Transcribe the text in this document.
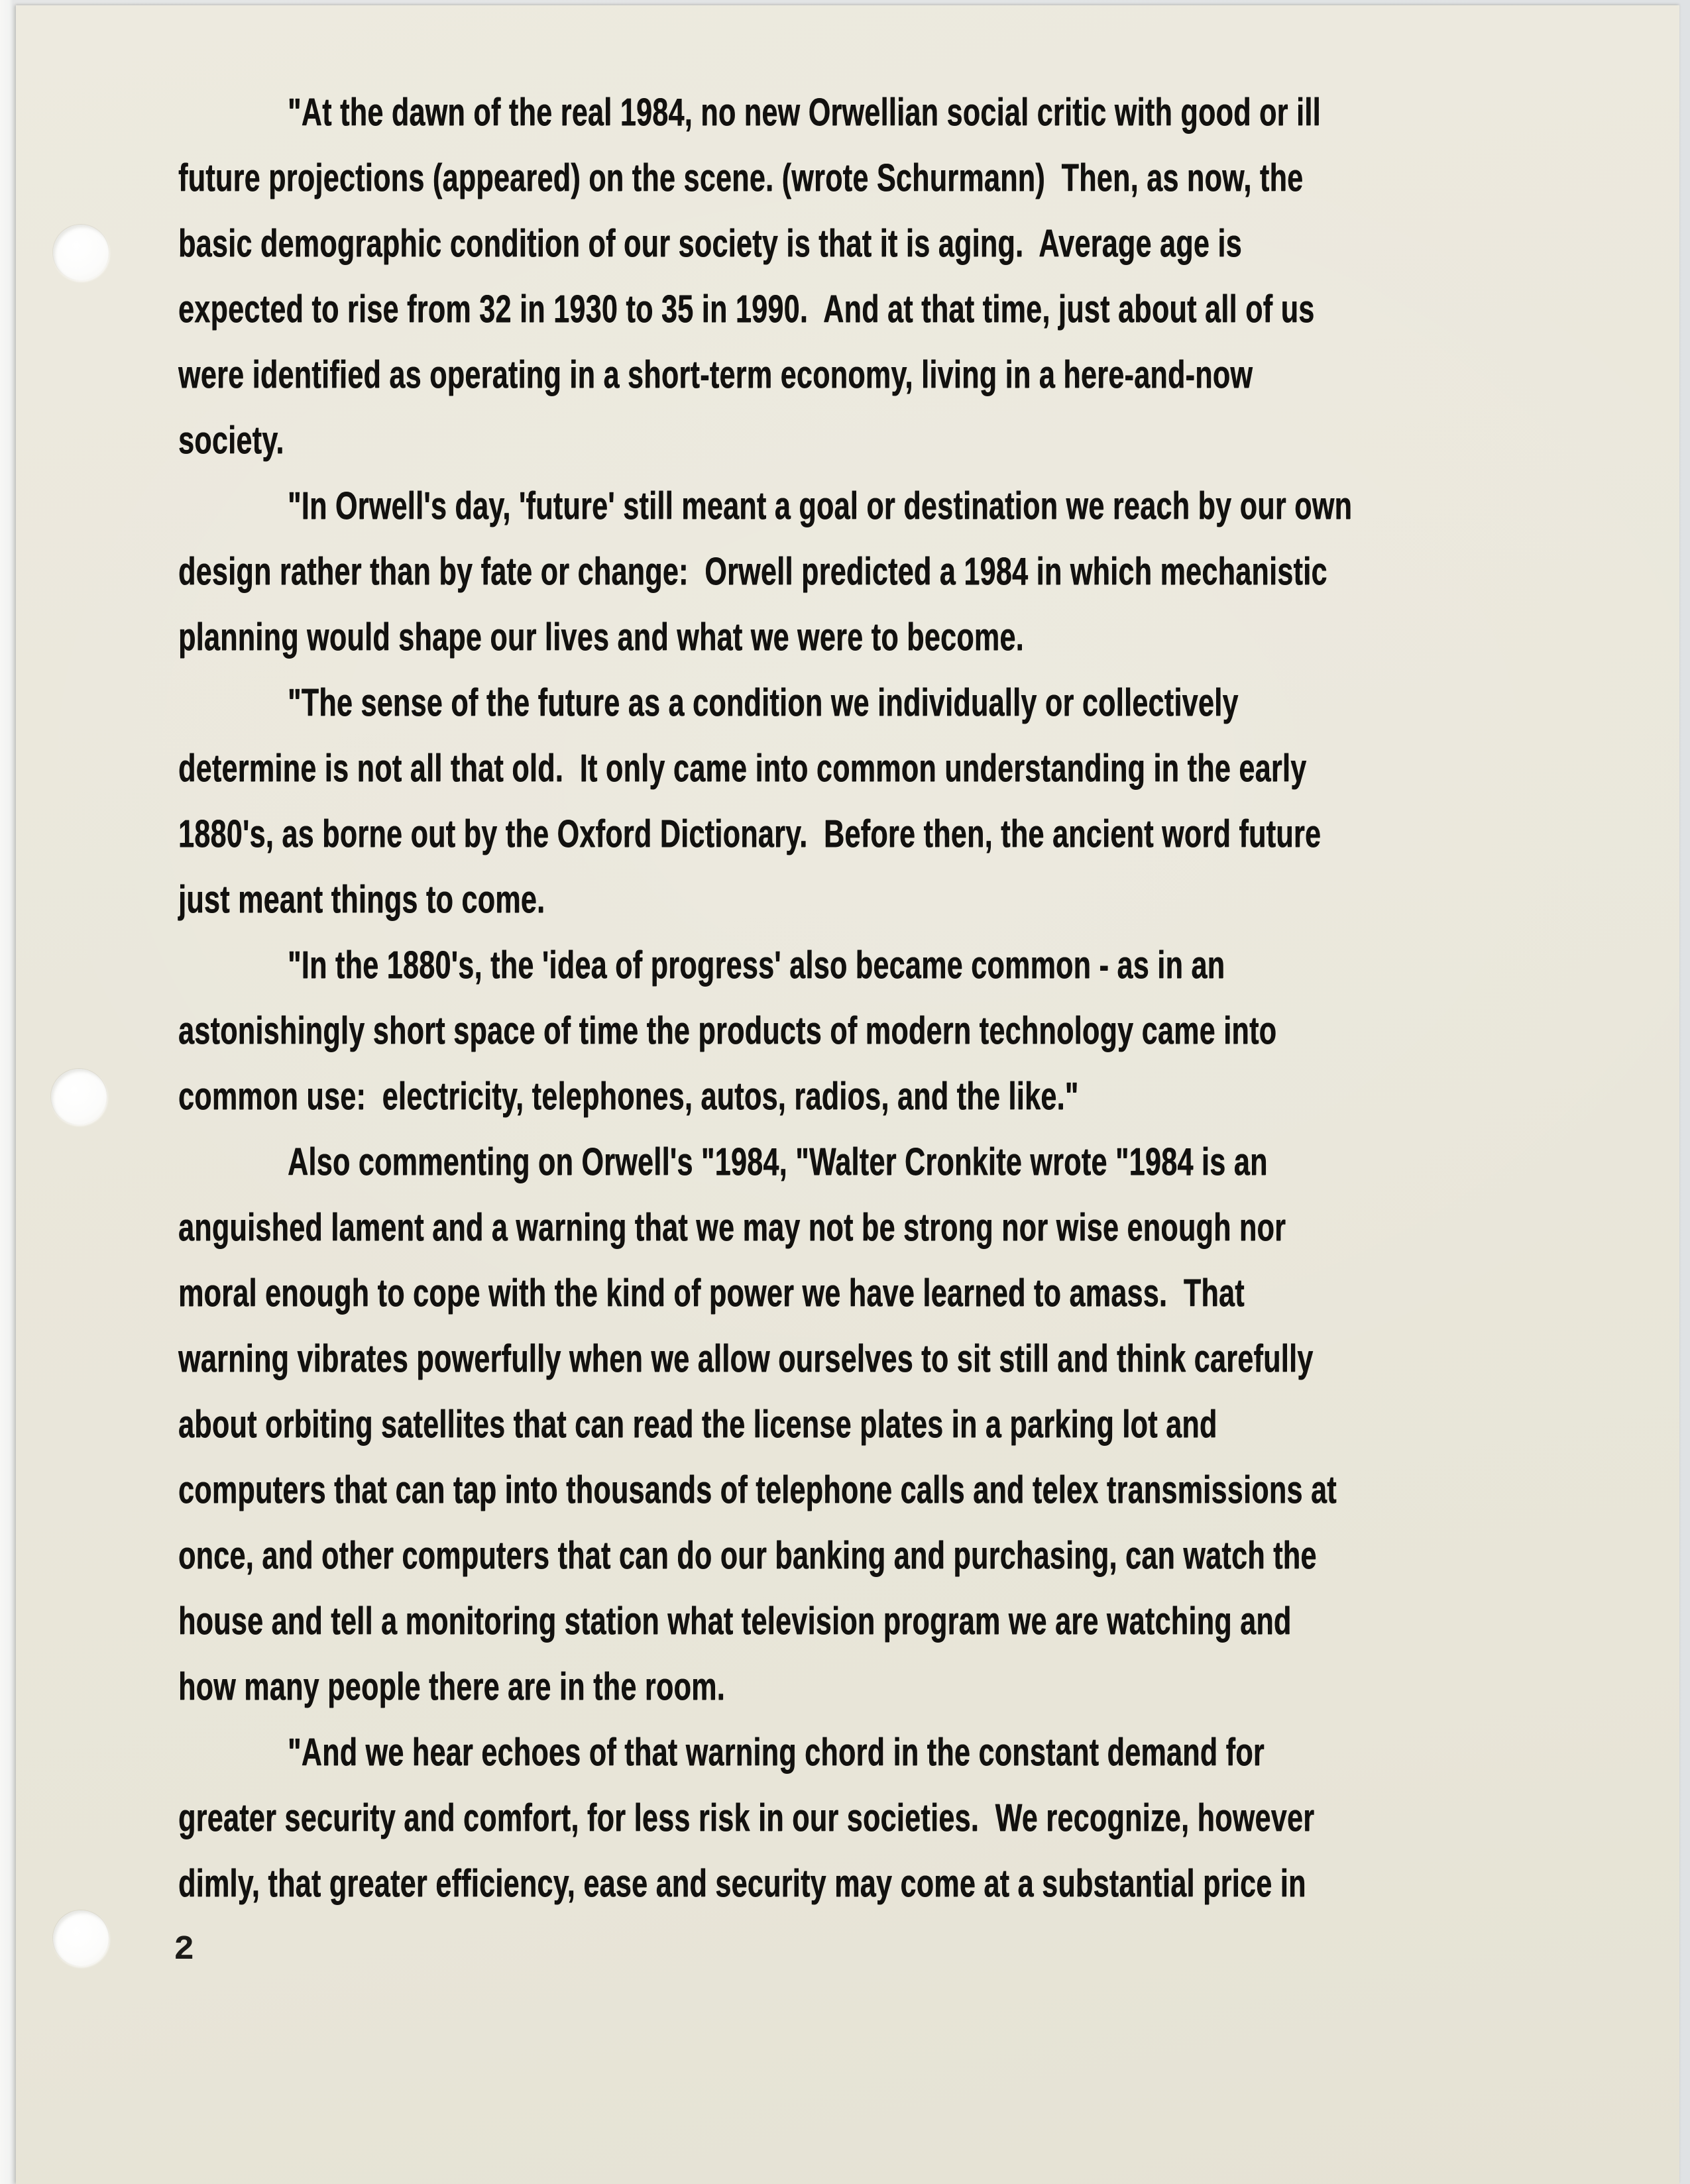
"At the dawn of the real 1984, no new Orwellian social critic with good or ill
future projections (appeared) on the scene. (wrote Schurmann)  Then, as now, the
basic demographic condition of our society is that it is aging.  Average age is
expected to rise from 32 in 1930 to 35 in 1990.  And at that time, just about all of us
were identified as operating in a short-term economy, living in a here-and-now
society.
"In Orwell's day, 'future' still meant a goal or destination we reach by our own
design rather than by fate or change:  Orwell predicted a 1984 in which mechanistic
planning would shape our lives and what we were to become.
"The sense of the future as a condition we individually or collectively
determine is not all that old.  It only came into common understanding in the early
1880's, as borne out by the Oxford Dictionary.  Before then, the ancient word future
just meant things to come.
"In the 1880's, the 'idea of progress' also became common - as in an
astonishingly short space of time the products of modern technology came into
common use:  electricity, telephones, autos, radios, and the like."
Also commenting on Orwell's "1984, "Walter Cronkite wrote "1984 is an
anguished lament and a warning that we may not be strong nor wise enough nor
moral enough to cope with the kind of power we have learned to amass.  That
warning vibrates powerfully when we allow ourselves to sit still and think carefully
about orbiting satellites that can read the license plates in a parking lot and
computers that can tap into thousands of telephone calls and telex transmissions at
once, and other computers that can do our banking and purchasing, can watch the
house and tell a monitoring station what television program we are watching and
how many people there are in the room.
"And we hear echoes of that warning chord in the constant demand for
greater security and comfort, for less risk in our societies.  We recognize, however
dimly, that greater efficiency, ease and security may come at a substantial price in
2
